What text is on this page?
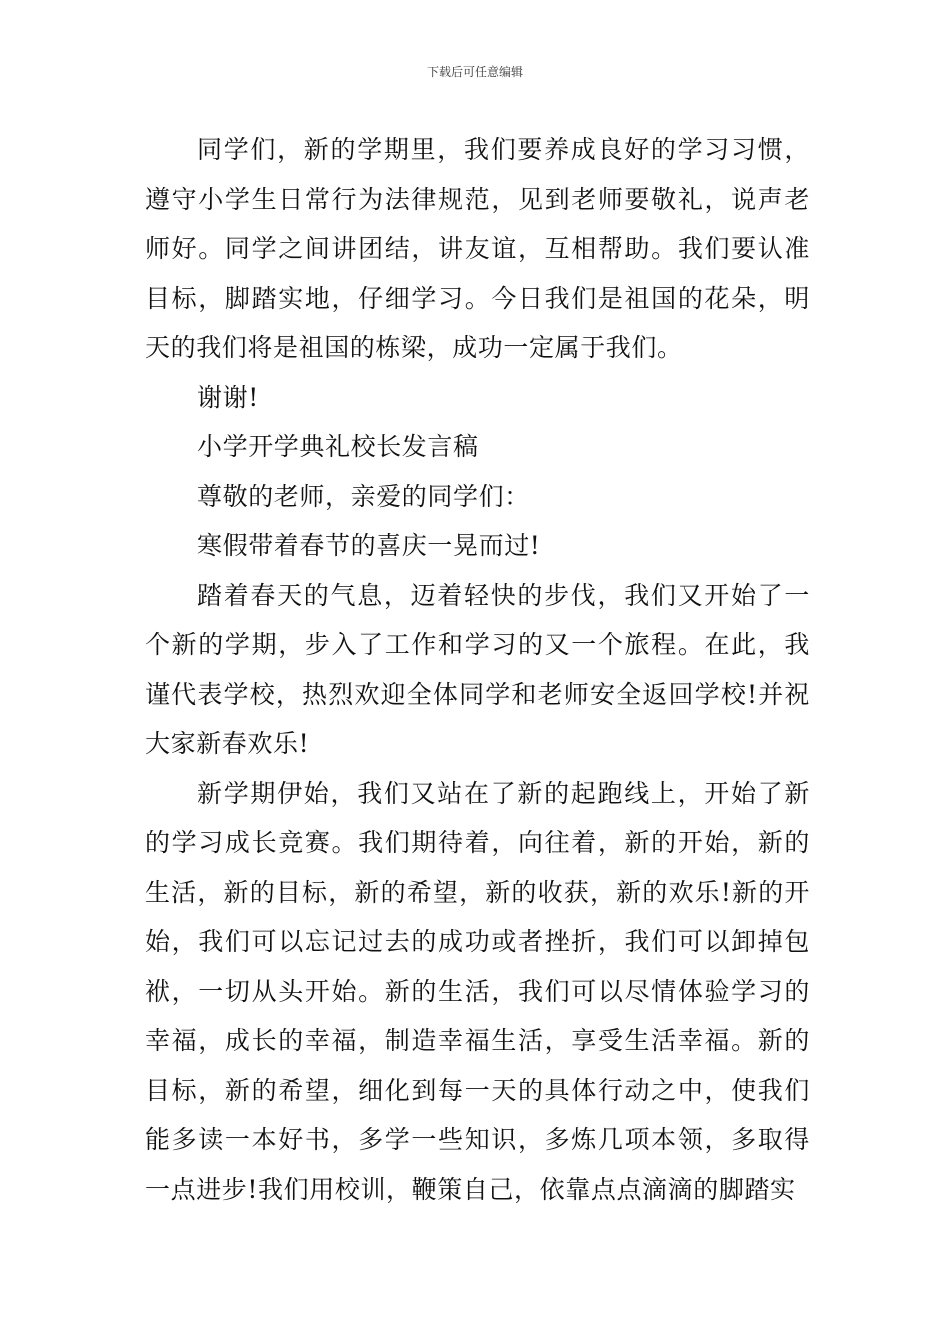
下载后可任意编辑

同学们，新的学期里，我们要养成良好的学习习惯，遵守小学生日常行为法律规范，见到老师要敬礼，说声老师好。同学之间讲团结，讲友谊，互相帮助。我们要认准目标，脚踏实地，仔细学习。今日我们是祖国的花朵，明天的我们将是祖国的栋梁，成功一定属于我们。

谢谢!

小学开学典礼校长发言稿

尊敬的老师，亲爱的同学们：

寒假带着春节的喜庆一晃而过!

踏着春天的气息，迈着轻快的步伐，我们又开始了一个新的学期，步入了工作和学习的又一个旅程。在此，我谨代表学校，热烈欢迎全体同学和老师安全返回学校!并祝大家新春欢乐!

新学期伊始，我们又站在了新的起跑线上，开始了新的学习成长竞赛。我们期待着，向往着，新的开始，新的生活，新的目标，新的希望，新的收获，新的欢乐!新的开始，我们可以忘记过去的成功或者挫折，我们可以卸掉包袱，一切从头开始。新的生活，我们可以尽情体验学习的幸福，成长的幸福，制造幸福生活，享受生活幸福。新的目标，新的希望，细化到每一天的具体行动之中，使我们能多读一本好书，多学一些知识，多炼几项本领，多取得一点进步!我们用校训，鞭策自己，依靠点点滴滴的脚踏实
